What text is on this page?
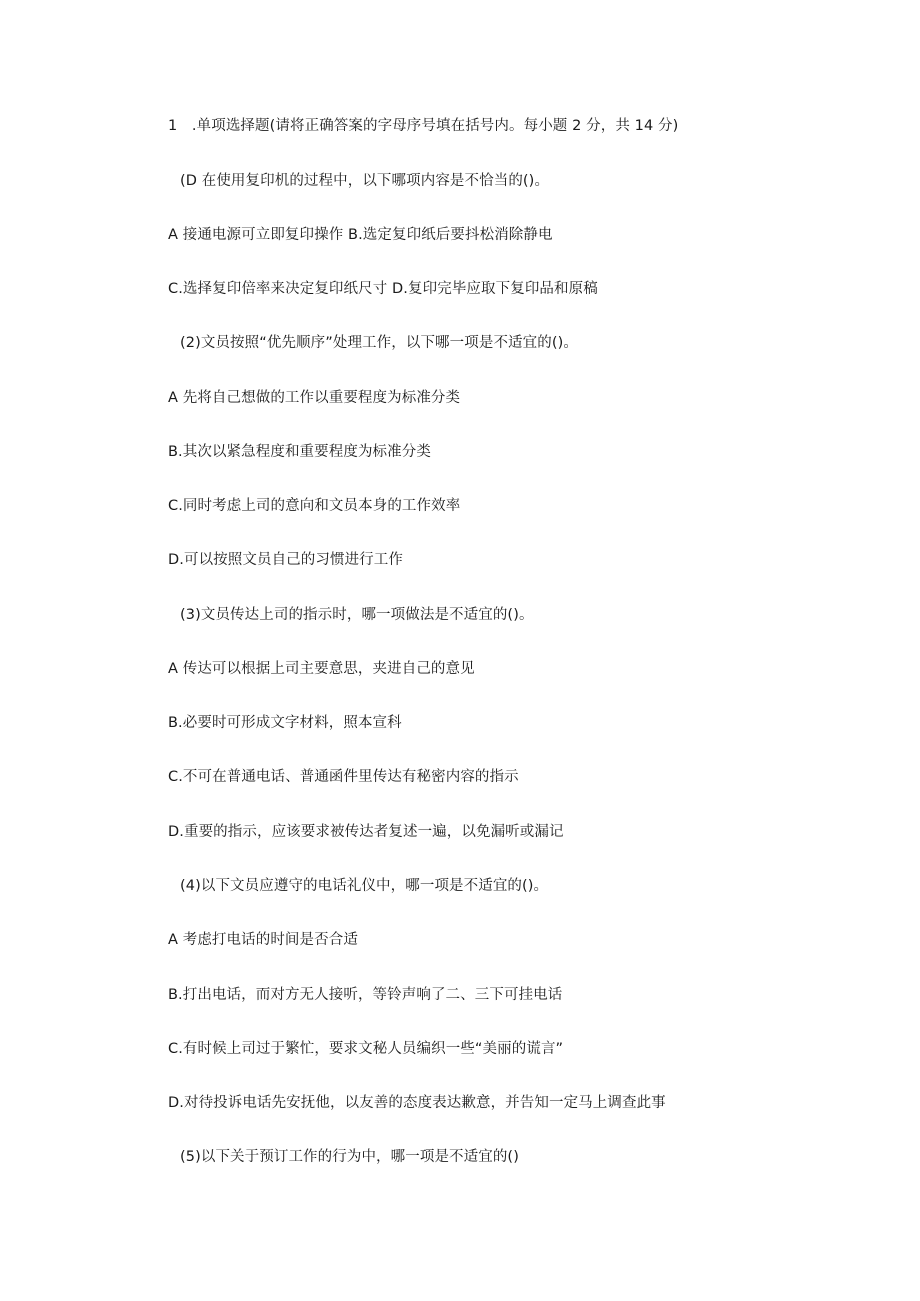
1　.单项选择题(请将正确答案的字母序号填在括号内。每小题 2 分，共 14 分)
(D 在使用复印机的过程中，以下哪项内容是不恰当的()。
A 接通电源可立即复印操作 B.选定复印纸后要抖松消除静电
C.选择复印倍率来决定复印纸尺寸 D.复印完毕应取下复印品和原稿
(2)文员按照“优先顺序”处理工作，以下哪一项是不适宜的()。
A 先将自己想做的工作以重要程度为标准分类
B.其次以紧急程度和重要程度为标准分类
C.同时考虑上司的意向和文员本身的工作效率
D.可以按照文员自己的习惯进行工作
(3)文员传达上司的指示时，哪一项做法是不适宜的()。
A 传达可以根据上司主要意思，夹进自己的意见
B.必要时可形成文字材料，照本宣科
C.不可在普通电话、普通函件里传达有秘密内容的指示
D.重要的指示，应该要求被传达者复述一遍，以免漏听或漏记
(4)以下文员应遵守的电话礼仪中，哪一项是不适宜的()。
A 考虑打电话的时间是否合适
B.打出电话，而对方无人接听，等铃声响了二、三下可挂电话
C.有时候上司过于繁忙，要求文秘人员编织一些“美丽的谎言”
D.对待投诉电话先安抚他，以友善的态度表达歉意，并告知一定马上调查此事
(5)以下关于预订工作的行为中，哪一项是不适宜的()
